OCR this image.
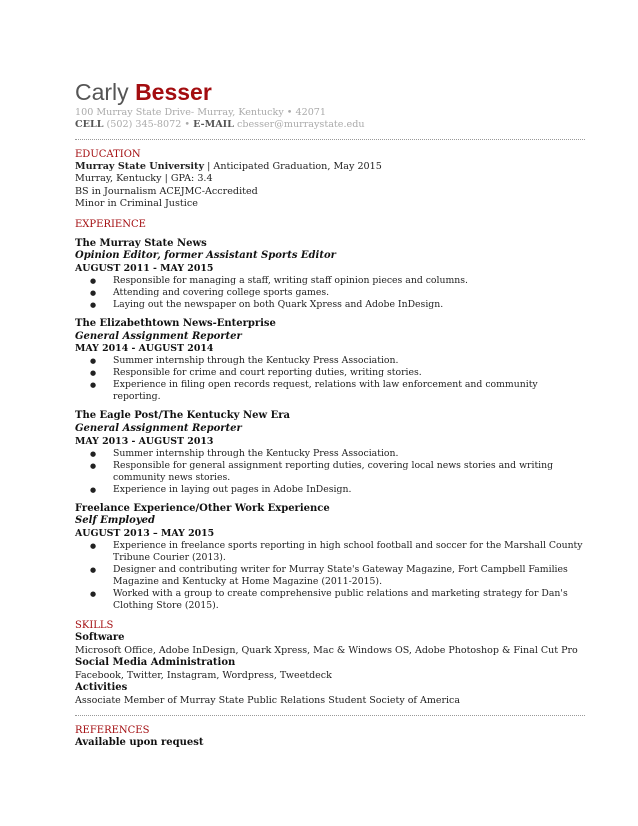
Carly Besser
100 Murray State Drive- Murray, Kentucky • 42071
CELL (502) 345-8072 • E-MAIL cbesser@murraystate.edu
EDUCATION
Murray State University | Anticipated Graduation, May 2015
Murray, Kentucky | GPA: 3.4
BS in Journalism ACEJMC-Accredited
Minor in Criminal Justice
EXPERIENCE
The Murray State News
Opinion Editor, former Assistant Sports Editor
AUGUST 2011 - MAY 2015
● Responsible for managing a staff, writing staff opinion pieces and columns.
● Attending and covering college sports games.
● Laying out the newspaper on both Quark Xpress and Adobe InDesign.
The Elizabethtown News-Enterprise
General Assignment Reporter
MAY 2014 - AUGUST 2014
● Summer internship through the Kentucky Press Association.
● Responsible for crime and court reporting duties, writing stories.
● Experience in filing open records request, relations with law enforcement and community reporting.
The Eagle Post/The Kentucky New Era
General Assignment Reporter
MAY 2013 - AUGUST 2013
● Summer internship through the Kentucky Press Association.
● Responsible for general assignment reporting duties, covering local news stories and writing community news stories.
● Experience in laying out pages in Adobe InDesign.
Freelance Experience/Other Work Experience
Self Employed
AUGUST 2013 – MAY 2015
● Experience in freelance sports reporting in high school football and soccer for the Marshall County Tribune Courier (2013).
● Designer and contributing writer for Murray State's Gateway Magazine, Fort Campbell Families Magazine and Kentucky at Home Magazine (2011-2015).
● Worked with a group to create comprehensive public relations and marketing strategy for Dan's Clothing Store (2015).
SKILLS
Software
Microsoft Office, Adobe InDesign, Quark Xpress, Mac & Windows OS, Adobe Photoshop & Final Cut Pro
Social Media Administration
Facebook, Twitter, Instagram, Wordpress, Tweetdeck
Activities
Associate Member of Murray State Public Relations Student Society of America
REFERENCES
Available upon request
